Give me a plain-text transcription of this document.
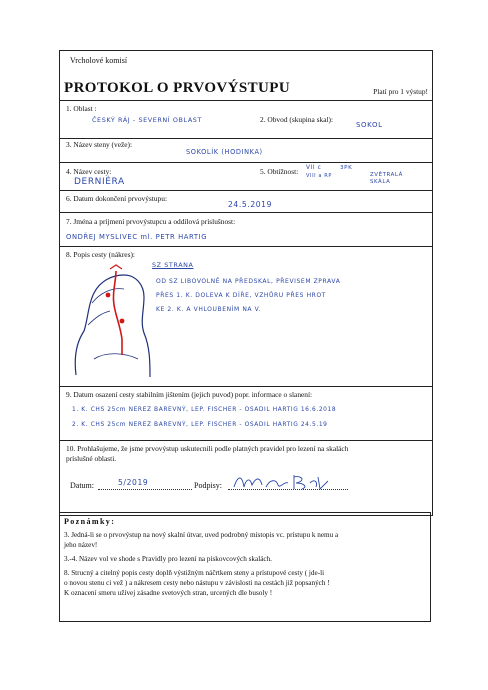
Vrcholové komisí
PROTOKOL O PRVOVÝSTUPU	Platí pro 1 výstup!
1. Oblast :
ČESKÝ RÁJ - SEVERNÍ OBLAST	2. Obvod (skupina skal):
SOKOL
3. Název steny (veže):
SOKOLÍK (HODINKA)
4. Název cesty:
DERNIÉRA
5. Obtížnost: VII c
VIII a RP
3PK
ZVĚTRALÁ SKÁLA
6. Datum dokončení prvovýstupu:
24.5.2019
7. Jména a príjmení prvovýstupcu a oddílová príslušnost:
ONDŘEJ MYSLIVEC ml. PETR HARTIG
8. Popis cesty (nákres):
SZ STRANA
OD SZ LIBOVOLNĚ NA PŘEDSKAL, PŘEVISEM ZPRAVA
PŘES 1. K. DOLEVA K DÍŘE, VZHŮRU PŘES HROT
KE 2. K. A VHLOUBENÍM NA V.
9. Datum osazení cesty stabilním jištením (jejich puvod) popr. informace o slanení:
1. K. CHS 25cm NEREZ BAREVNÝ, LEP. FISCHER - OSADIL HARTIG 16.6.2018
2. K. CHS 25cm NEREZ BAREVNÝ, LEP. FISCHER - OSADIL HARTIG 24.5.19
10. Prohlašujeme, že jsme prvovýstup uskutecnili podle platných pravidel pro lezení na skalách
príslušné oblasti.
Datum:	5/2019	Podpisy:
Poznámky:
3. Jedná-li se o prvovýstup na nový skalní útvar, uved podrobný místopis vc. prístupu k nemu a
jeho název!
3.-4. Název vol ve shode s Pravidly pro lezení na pískovcových skalách.
8. Strucný a citelný popis cesty doplň výstižným náčrtkem steny a prístupové cesty ( jde-li
o novou stenu ci vež ) a nákresem cesty nebo nástupu v závislosti na cestách již popsaných !
K oznacení smeru užívej zásadne svetových stran, urcených dle busoly !
